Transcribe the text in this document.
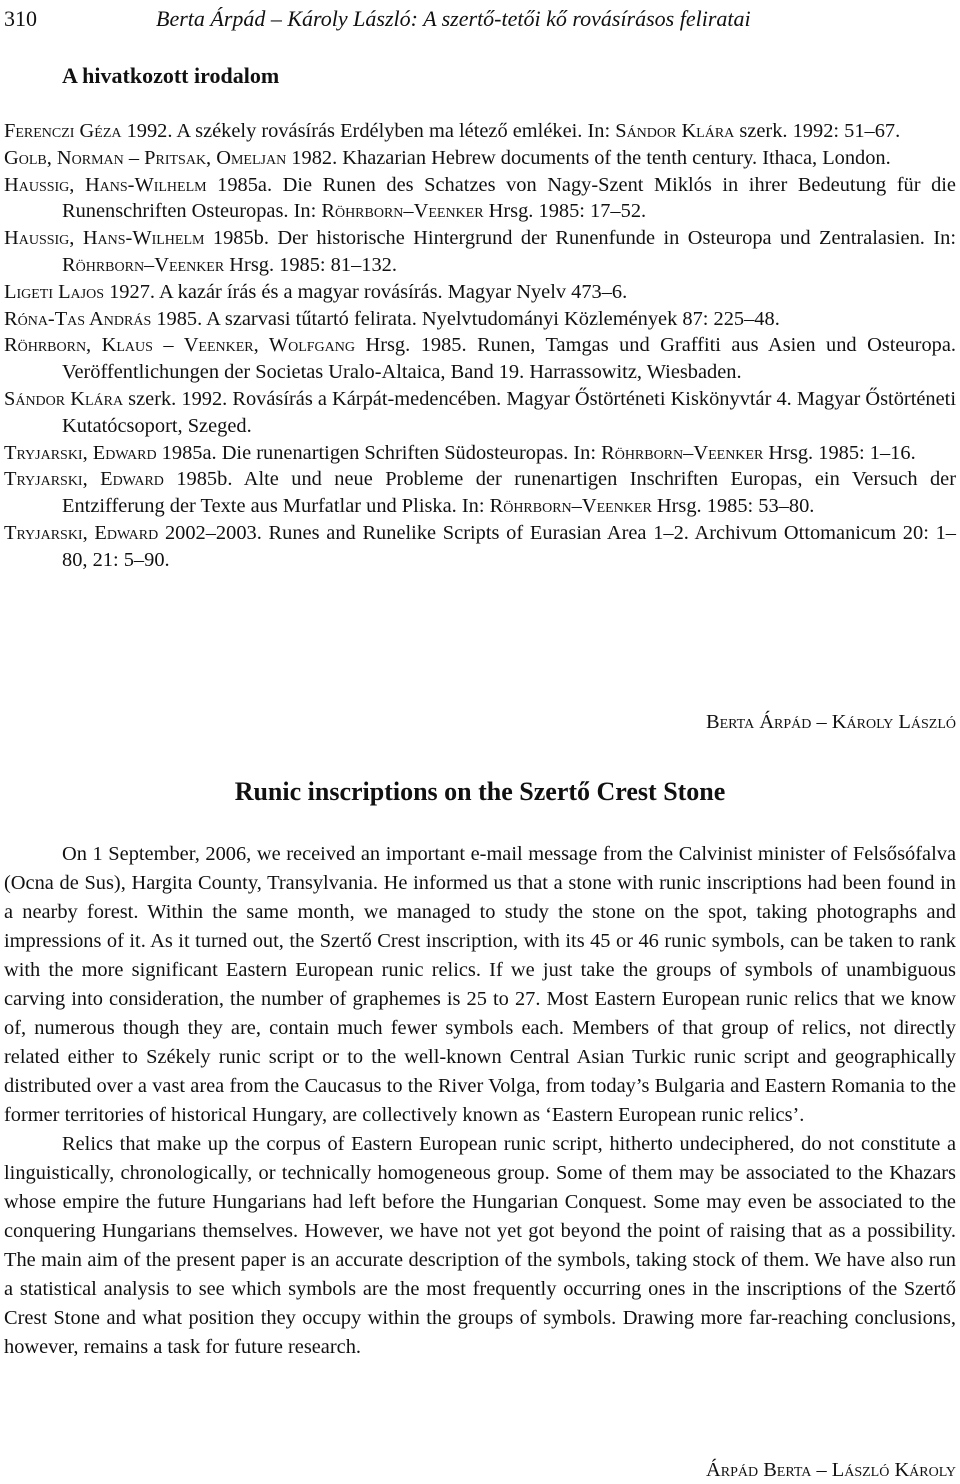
310	Berta Árpád – Károly László: A szertő-tetői kő rovásírásos feliratai
A hivatkozott irodalom
Ferenczi Géza 1992. A székely rovásírás Erdélyben ma létező emlékei. In: Sándor Klára szerk. 1992: 51–67.
Golb, Norman – Pritsak, Omeljan 1982. Khazarian Hebrew documents of the tenth century. Ithaca, London.
Haussig, Hans-Wilhelm 1985a. Die Runen des Schatzes von Nagy-Szent Miklós in ihrer Bedeutung für die Runenschriften Osteuropas. In: Röhrborn–Veenker Hrsg. 1985: 17–52.
Haussig, Hans-Wilhelm 1985b. Der historische Hintergrund der Runenfunde in Osteuropa und Zentralasien. In: Röhrborn–Veenker Hrsg. 1985: 81–132.
Ligeti Lajos 1927. A kazár írás és a magyar rovásírás. Magyar Nyelv 473–6.
Róna-Tas András 1985. A szarvasi tűtartó felirata. Nyelvtudományi Közlemények 87: 225–48.
Röhrborn, Klaus – Veenker, Wolfgang Hrsg. 1985. Runen, Tamgas und Graffiti aus Asien und Osteuropa. Veröffentlichungen der Societas Uralo-Altaica, Band 19. Harrassowitz, Wiesbaden.
Sándor Klára szerk. 1992. Rovásírás a Kárpát-medencében. Magyar Őstörténeti Kiskönyvtár 4. Magyar Őstörténeti Kutatócsoport, Szeged.
Tryjarski, Edward 1985a. Die runenartigen Schriften Südosteuropas. In: Röhrborn–Veenker Hrsg. 1985: 1–16.
Tryjarski, Edward 1985b. Alte und neue Probleme der runenartigen Inschriften Europas, ein Versuch der Entzifferung der Texte aus Murfatlar und Pliska. In: Röhrborn–Veenker Hrsg. 1985: 53–80.
Tryjarski, Edward 2002–2003. Runes and Runelike Scripts of Eurasian Area 1–2. Archivum Ottomanicum 20: 1–80, 21: 5–90.
Berta Árpád – Károly László
Runic inscriptions on the Szertő Crest Stone

On 1 September, 2006, we received an important e-mail message from the Calvinist minister of Felsősófalva (Ocna de Sus), Hargita County, Transylvania. He informed us that a stone with runic inscriptions had been found in a nearby forest. Within the same month, we managed to study the stone on the spot, taking photographs and impressions of it. As it turned out, the Szertő Crest inscription, with its 45 or 46 runic symbols, can be taken to rank with the more significant Eastern European runic relics. If we just take the groups of symbols of unambiguous carving into consideration, the number of graphemes is 25 to 27. Most Eastern European runic relics that we know of, numerous though they are, contain much fewer symbols each. Members of that group of relics, not directly related either to Székely runic script or to the well-known Central Asian Turkic runic script and geographically distributed over a vast area from the Caucasus to the River Volga, from today’s Bulgaria and Eastern Romania to the former territories of historical Hungary, are collectively known as ‘Eastern European runic relics’.

Relics that make up the corpus of Eastern European runic script, hitherto undeciphered, do not constitute a linguistically, chronologically, or technically homogeneous group. Some of them may be associated to the Khazars whose empire the future Hungarians had left before the Hungarian Conquest. Some may even be associated to the conquering Hungarians themselves. However, we have not yet got beyond the point of raising that as a possibility. The main aim of the present paper is an accurate description of the symbols, taking stock of them. We have also run a statistical analysis to see which symbols are the most frequently occurring ones in the inscriptions of the Szertő Crest Stone and what position they occupy within the groups of symbols. Drawing more far-reaching conclusions, however, remains a task for future research.

Árpád Berta – László Károly
